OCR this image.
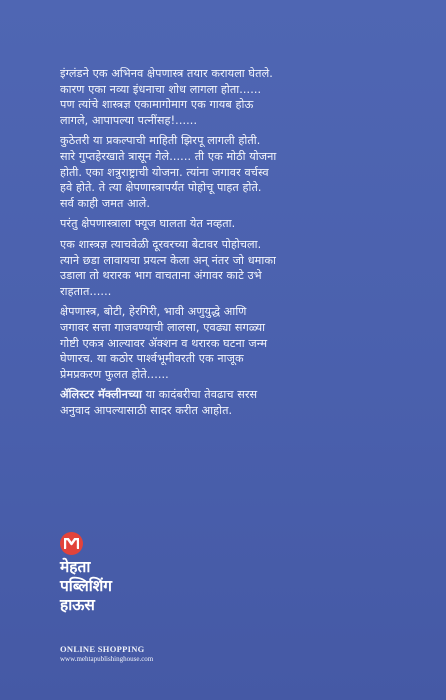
इंग्लंडने एक अभिनव क्षेपणास्त्र तयार करायला घेतले.
कारण एका नव्या इंधनाचा शोध लागला होता......
पण त्यांचे शास्त्रज्ञ एकामागोमाग एक गायब होऊ
लागले, आपापल्या पत्नींसह!......

कुठेतरी या प्रकल्पाची माहिती झिरपू लागली होती.
सारे गुप्तहेरखाते त्रासून गेले...... ती एक मोठी योजना
होती. एका शत्रुराष्ट्राची योजना. त्यांना जगावर वर्चस्व
हवे होते. ते त्या क्षेपणास्त्रापर्यंत पोहोचू पाहत होते.
सर्व काही जमत आले.

परंतु क्षेपणास्त्राला फ्यूज घालता येत नव्हता.

एक शास्त्रज्ञ त्याचवेळी दूरवरच्या बेटावर पोहोचला.
त्याने छडा लावायचा प्रयत्न केला अन् नंतर जो धमाका
उडाला तो थरारक भाग वाचताना अंगावर काटे उभे
राहतात......

क्षेपणास्त्र, बोटी, हेरगिरी, भावी अणुयुद्धे आणि
जगावर सत्ता गाजवण्याची लालसा, एवढ्या सगळ्या
गोष्टी एकत्र आल्यावर ॲक्शन व थरारक घटना जन्म
घेणारच. या कठोर पार्श्वभूमीवरती एक नाजूक
प्रेमप्रकरण फुलत होते......

ॲलिस्टर मॅक्लीनच्या या कादंबरीचा तेवढाच सरस
अनुवाद आपल्यासाठी सादर करीत आहोत.

मेहता

पब्लिशिंग

हाऊस

ONLINE SHOPPING
www.mehtapublishinghouse.com
